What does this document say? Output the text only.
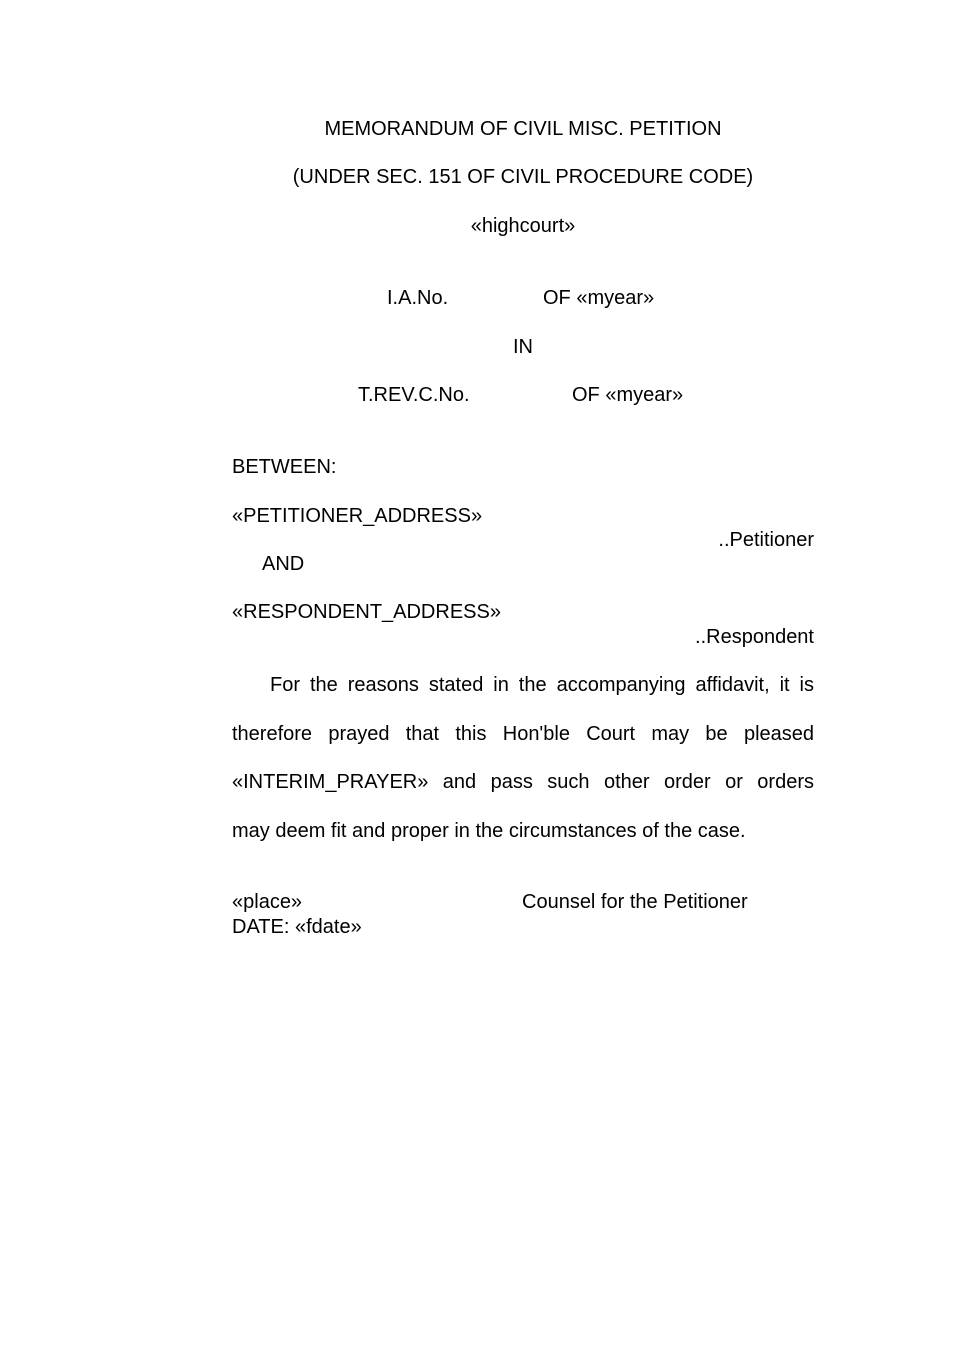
MEMORANDUM OF CIVIL MISC. PETITION
(UNDER SEC. 151 OF CIVIL PROCEDURE CODE)
«highcourt»
I.A.No.	OF «myear»
IN
T.REV.C.No.	OF «myear»
BETWEEN:
«PETITIONER_ADDRESS»
..Petitioner
AND
«RESPONDENT_ADDRESS»
..Respondent
For the reasons stated in the accompanying affidavit, it is
therefore prayed that this Hon'ble Court may be pleased
«INTERIM_PRAYER» and pass such other order or orders
may deem fit and proper in the circumstances of the case.
«place»	Counsel for the Petitioner
DATE: «fdate»
